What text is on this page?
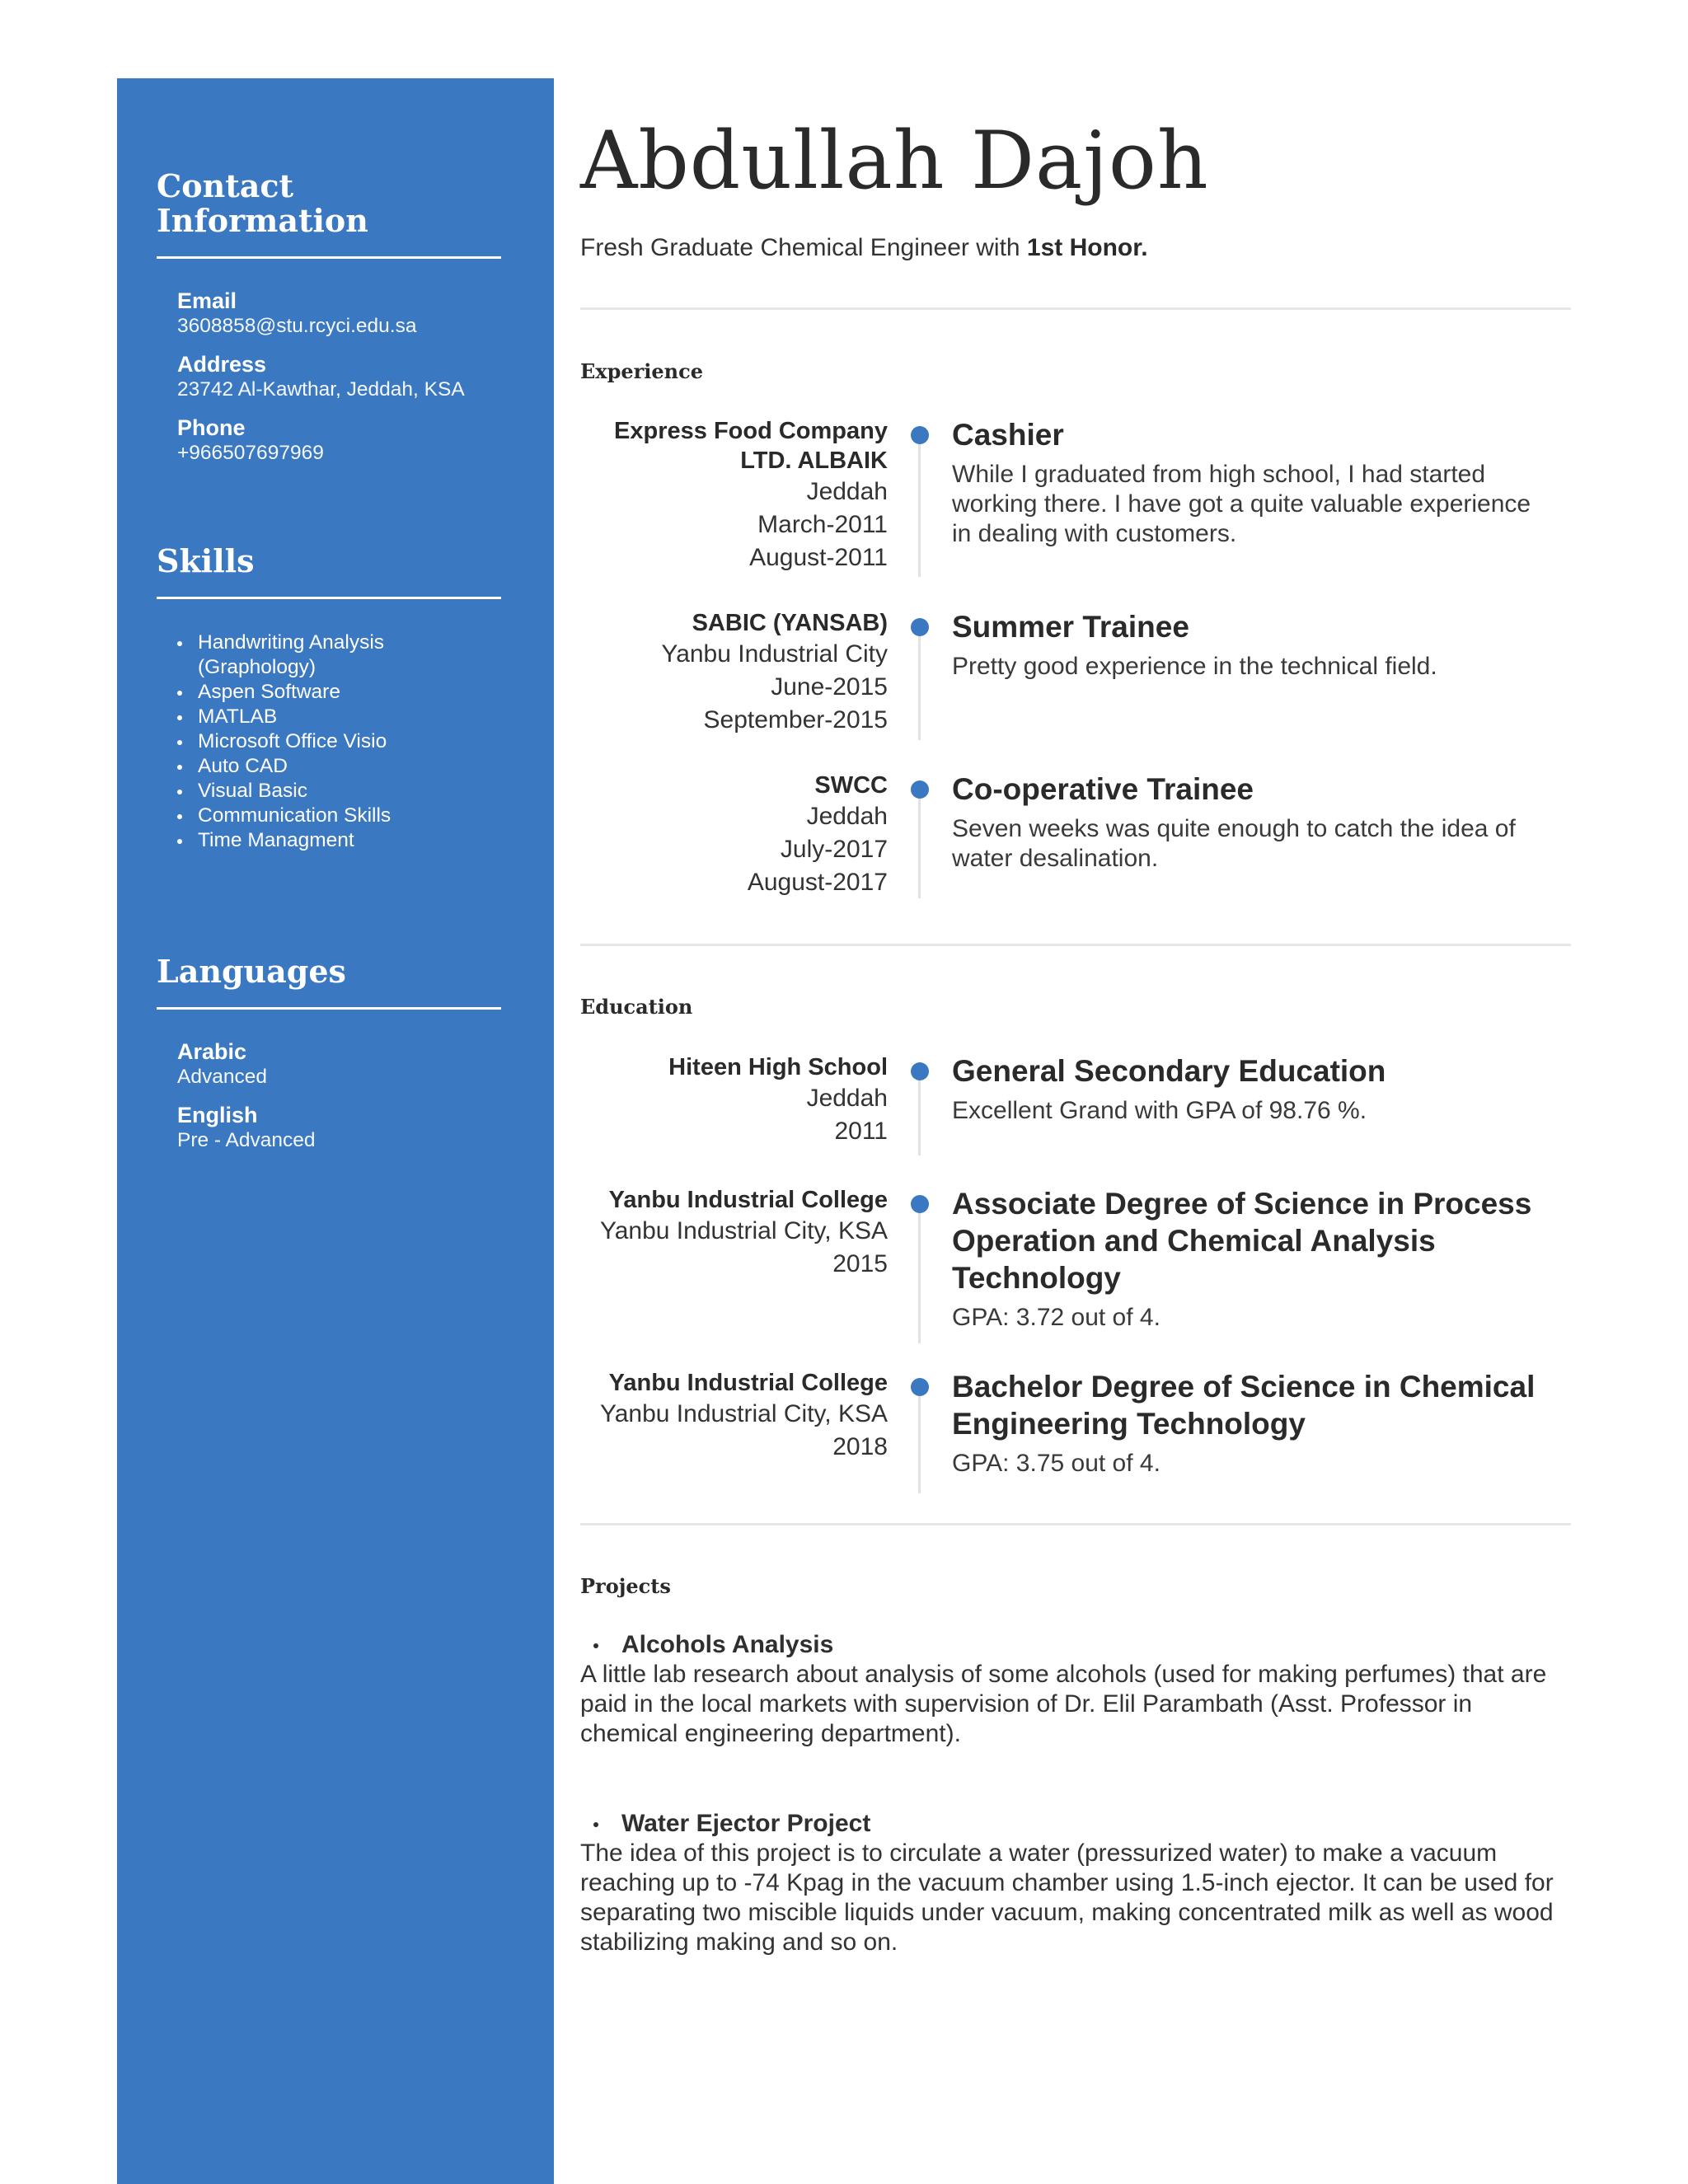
Contact Information
Email
3608858@stu.rcyci.edu.sa
Address
23742 Al-Kawthar, Jeddah, KSA
Phone
+966507697969
Skills
Handwriting Analysis (Graphology)
Aspen Software
MATLAB
Microsoft Office Visio
Auto CAD
Visual Basic
Communication Skills
Time Managment
Languages
Arabic
Advanced
English
Pre - Advanced
Abdullah Dajoh
Fresh Graduate Chemical Engineer with 1st Honor.
Experience
Express Food Company
LTD. ALBAIK
Jeddah
March-2011
August-2011
Cashier
While I graduated from high school, I had started working there. I have got a quite valuable experience in dealing with customers.
SABIC (YANSAB)
Yanbu Industrial City
June-2015
September-2015
Summer Trainee
Pretty good experience in the technical field.
SWCC
Jeddah
July-2017
August-2017
Co-operative Trainee
Seven weeks was quite enough to catch the idea of water desalination.
Education
Hiteen High School
Jeddah
2011
General Secondary Education
Excellent Grand with GPA of 98.76 %.
Yanbu Industrial College
Yanbu Industrial City, KSA
2015
Associate Degree of Science in Process Operation and Chemical Analysis Technology
GPA: 3.72 out of 4.
Yanbu Industrial College
Yanbu Industrial City, KSA
2018
Bachelor Degree of Science in Chemical Engineering Technology
GPA: 3.75 out of 4.
Projects
Alcohols Analysis
A little lab research about analysis of some alcohols (used for making perfumes) that are paid in the local markets with supervision of Dr. Elil Parambath (Asst. Professor in chemical engineering department).
Water Ejector Project
The idea of this project is to circulate a water (pressurized water) to make a vacuum reaching up to -74 Kpag in the vacuum chamber using 1.5-inch ejector. It can be used for separating two miscible liquids under vacuum, making concentrated milk as well as wood stabilizing making and so on.
